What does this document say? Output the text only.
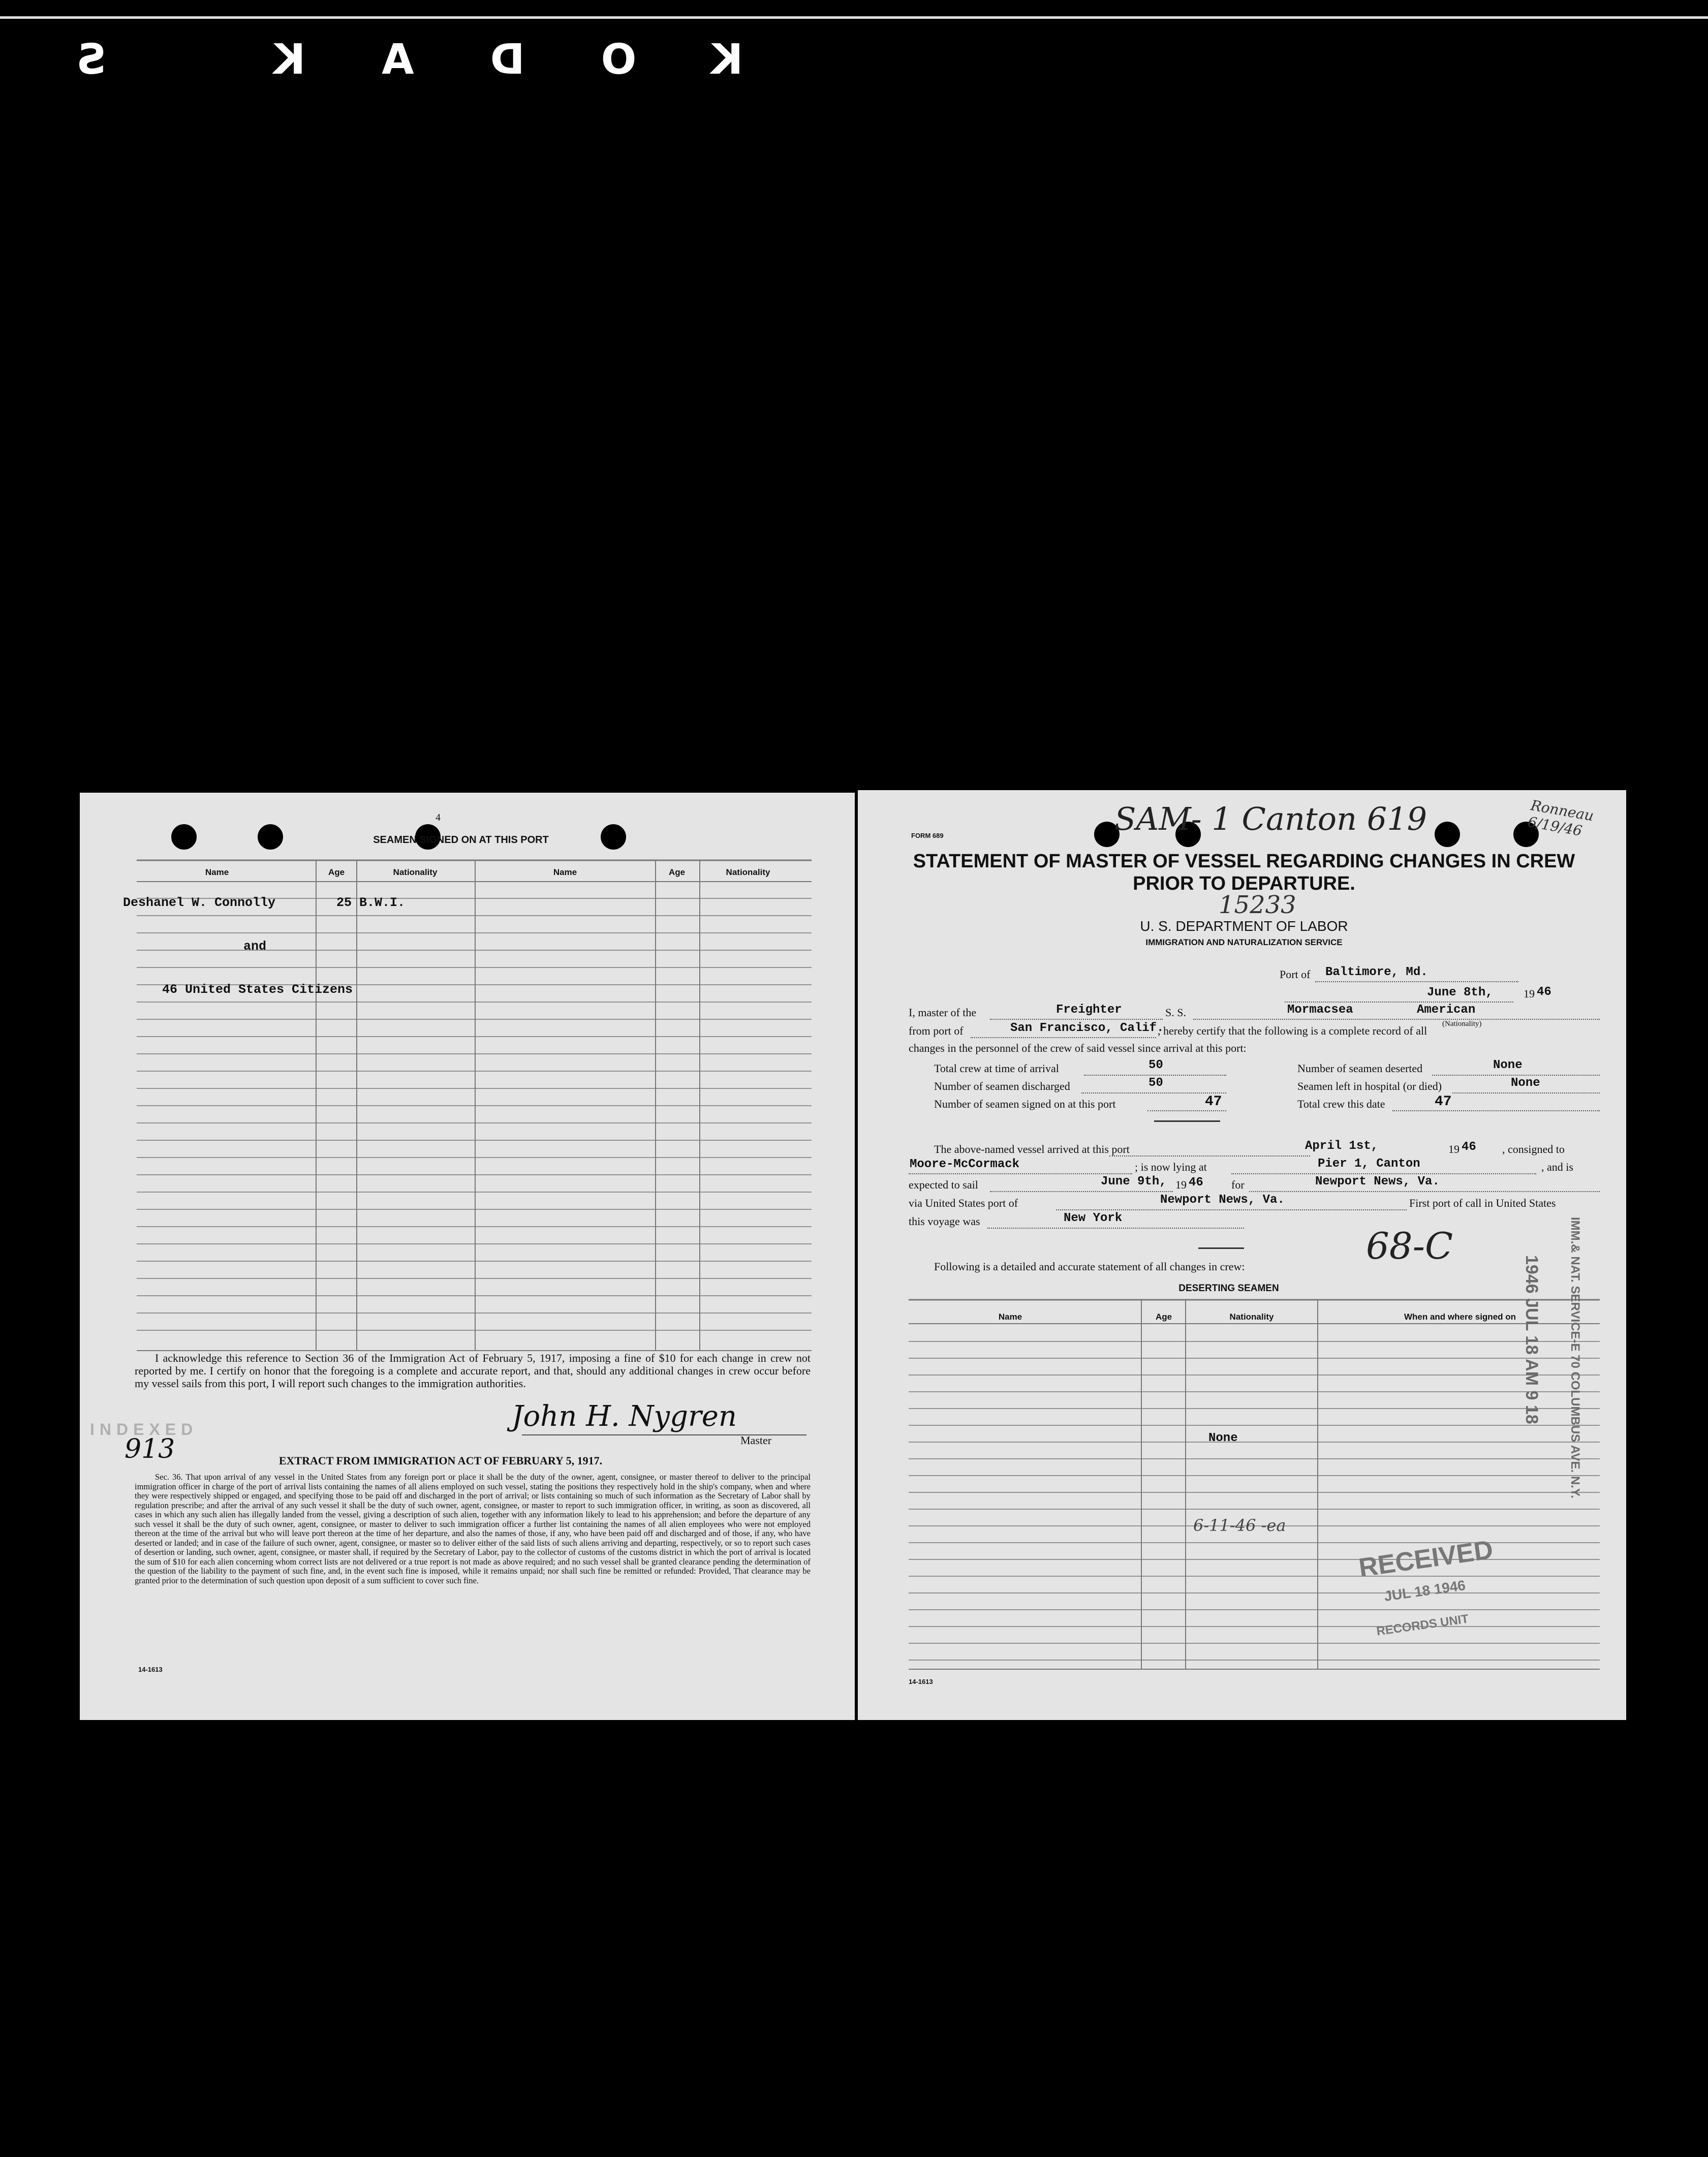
KODAK S
4
SEAMEN SIGNED ON AT THIS PORT
Name	Age	Nationality	Name	Age	Nationality
Deshanel W. Connolly	25 B.W.I.
and
46 United States Citizens
I acknowledge this reference to Section 36 of the Immigration Act of February 5, 1917, imposing a fine of $10 for each change in crew not reported by me. I certify on honor that the foregoing is a complete and accurate report, and that, should any additional changes in crew occur before my vessel sails from this port, I will report such changes to the immigration authorities.
John H. Nygren
Master
INDEXED
913	EXTRACT FROM IMMIGRATION ACT OF FEBRUARY 5, 1917.
Sec. 36. That upon arrival of any vessel in the United States from any foreign port or place it shall be the duty of the owner, agent, consignee, or master thereof to deliver to the principal immigration officer in charge of the port of arrival lists containing the names of all aliens employed on such vessel, stating the positions they respectively hold in the ship's company, when and where they were respectively shipped or engaged, and specifying those to be paid off and discharged in the port of arrival; or lists containing so much of such information as the Secretary of Labor shall by regulation prescribe; and after the arrival of any such vessel it shall be the duty of such owner, agent, consignee, or master to report to such immigration officer, in writing, as soon as discovered, all cases in which any such alien has illegally landed from the vessel, giving a description of such alien, together with any information likely to lead to his apprehension; and before the departure of any such vessel it shall be the duty of such owner, agent, consignee, or master to deliver to such immigration officer a further list containing the names of all alien employees who were not employed thereon at the time of the arrival but who will leave port thereon at the time of her departure, and also the names of those, if any, who have been paid off and discharged and of those, if any, who have deserted or landed; and in case of the failure of such owner, agent, consignee, or master so to deliver either of the said lists of such aliens arriving and departing, respectively, or so to report such cases of desertion or landing, such owner, agent, consignee, or master shall, if required by the Secretary of Labor, pay to the collector of customs of the customs district in which the port of arrival is located the sum of $10 for each alien concerning whom correct lists are not delivered or a true report is not made as above required; and no such vessel shall be granted clearance pending the determination of the question of the liability to the payment of such fine, and, in the event such fine is imposed, while it remains unpaid; nor shall such fine be remitted or refunded: Provided, That clearance may be granted prior to the determination of such question upon deposit of a sum sufficient to cover such fine.
14-1613
FORM 689	SAM- 1 Canton 619	Ronneau 6/19/46
STATEMENT OF MASTER OF VESSEL REGARDING CHANGES IN CREW
PRIOR TO DEPARTURE.
15233
U. S. DEPARTMENT OF LABOR
IMMIGRATION AND NATURALIZATION SERVICE
Port of Baltimore, Md.
June 8th,	19 46
I, master of the	Freighter	S. S.	Mormacsea	American
(Nationality)
from port of	San Francisco, Calif.
, hereby certify that the following is a complete record of all
changes in the personnel of the crew of said vessel since arrival at this port:
Total crew at time of arrival	50
Number of seamen discharged	50
Number of seamen signed on at this port	47
Number of seamen deserted	None
Seamen left in hospital (or died)	None
Total crew this date	47
The above-named vessel arrived at this port	April 1st,	19 46 , consigned to
Moore-McCormack	; is now lying at	Pier 1, Canton	, and is
expected to sail	June 9th, 19 46	for	Newport News, Va.
via United States port of	Newport News, Va.	First port of call in United States
this voyage was	New York
Following is a detailed and accurate statement of all changes in crew:	68-C
DESERTING SEAMEN
Name	Age	Nationality	When and where signed on
None
6-11-46 -ea
1946 JUL 18 AM 9 18 IMM.& NAT. SERVICE-E 70 COLUMBUS AVE. N.Y.
RECEIVED
JUL 18 1946
RECORDS UNIT
14-1613
